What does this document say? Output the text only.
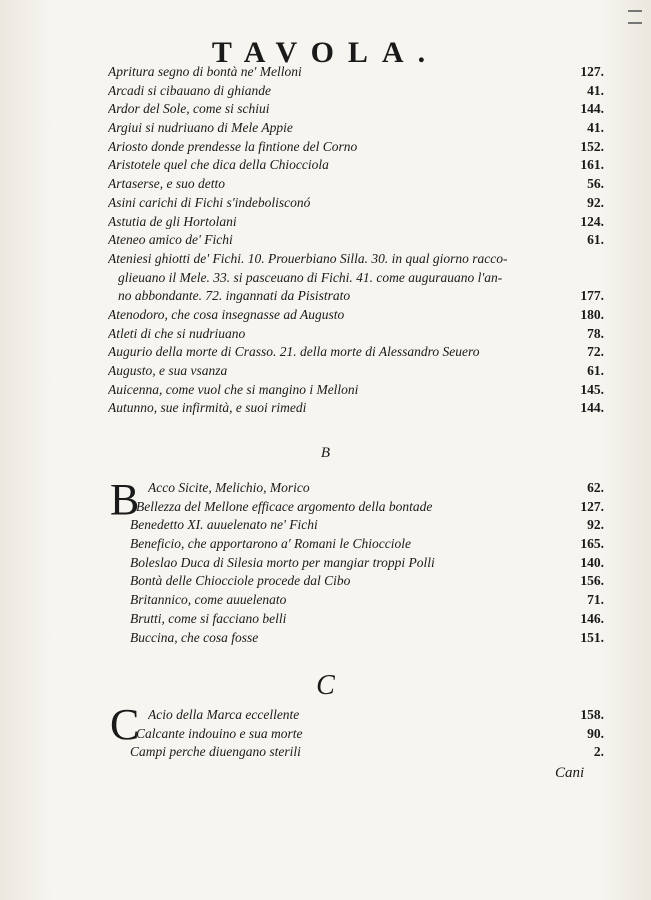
TAVOLA.
Apritura segno di bontà ne' Melloni	127.
Arcadi si cibauano di ghiande	41.
Ardor del Sole, come si schiui	144.
Argiui si nudriuano di Mele Appie	41.
Ariosto donde prendesse la fintione del Corno	152.
Aristotele quel che dica della Chiocciola	161.
Artaserse, e suo detto	56.
Asini carichi di Fichi s'indebolisconó	92.
Astutia de gli Hortolani	124.
Ateneo amico de' Fichi	61.
Ateniesi ghiotti de' Fichi. 10. Prouerbiano Silla. 30. in qual giorno racco-
glieuano il Mele. 33. si pasceuano di Fichi. 41. come augurauano l'an-
no abbondante. 72. ingannati da Pisistrato	177.
Atenodoro, che cosa insegnasse ad Augusto	180.
Atleti di che si nudriuano	78.
Augurio della morte di Crasso. 21. della morte di Alessandro Seuero	72.
Augusto, e sua vsanza	61.
Auicenna, come vuol che si mangino i Melloni	145.
Autunno, sue infirmità, e suoi rimedi	144.
B
Acco Sicite, Melichio, Morico	62.
Bellezza del Mellone efficace argomento della bontade	127.
Benedetto XI. auuelenato ne' Fichi	92.
Beneficio, che apportarono a' Romani le Chiocciole	165.
Boleslao Duca di Silesia morto per mangiar troppi Polli	140.
Bontà delle Chiocciole procede dal Cibo	156.
Britannico, come auuelenato	71.
Brutti, come si facciano belli	146.
Buccina, che cosa fosse	151.
B
C
Acio della Marca eccellente	158.
Calcante indouino e sua morte	90.
Campi perche diuengano sterili	2.
C
Cani
